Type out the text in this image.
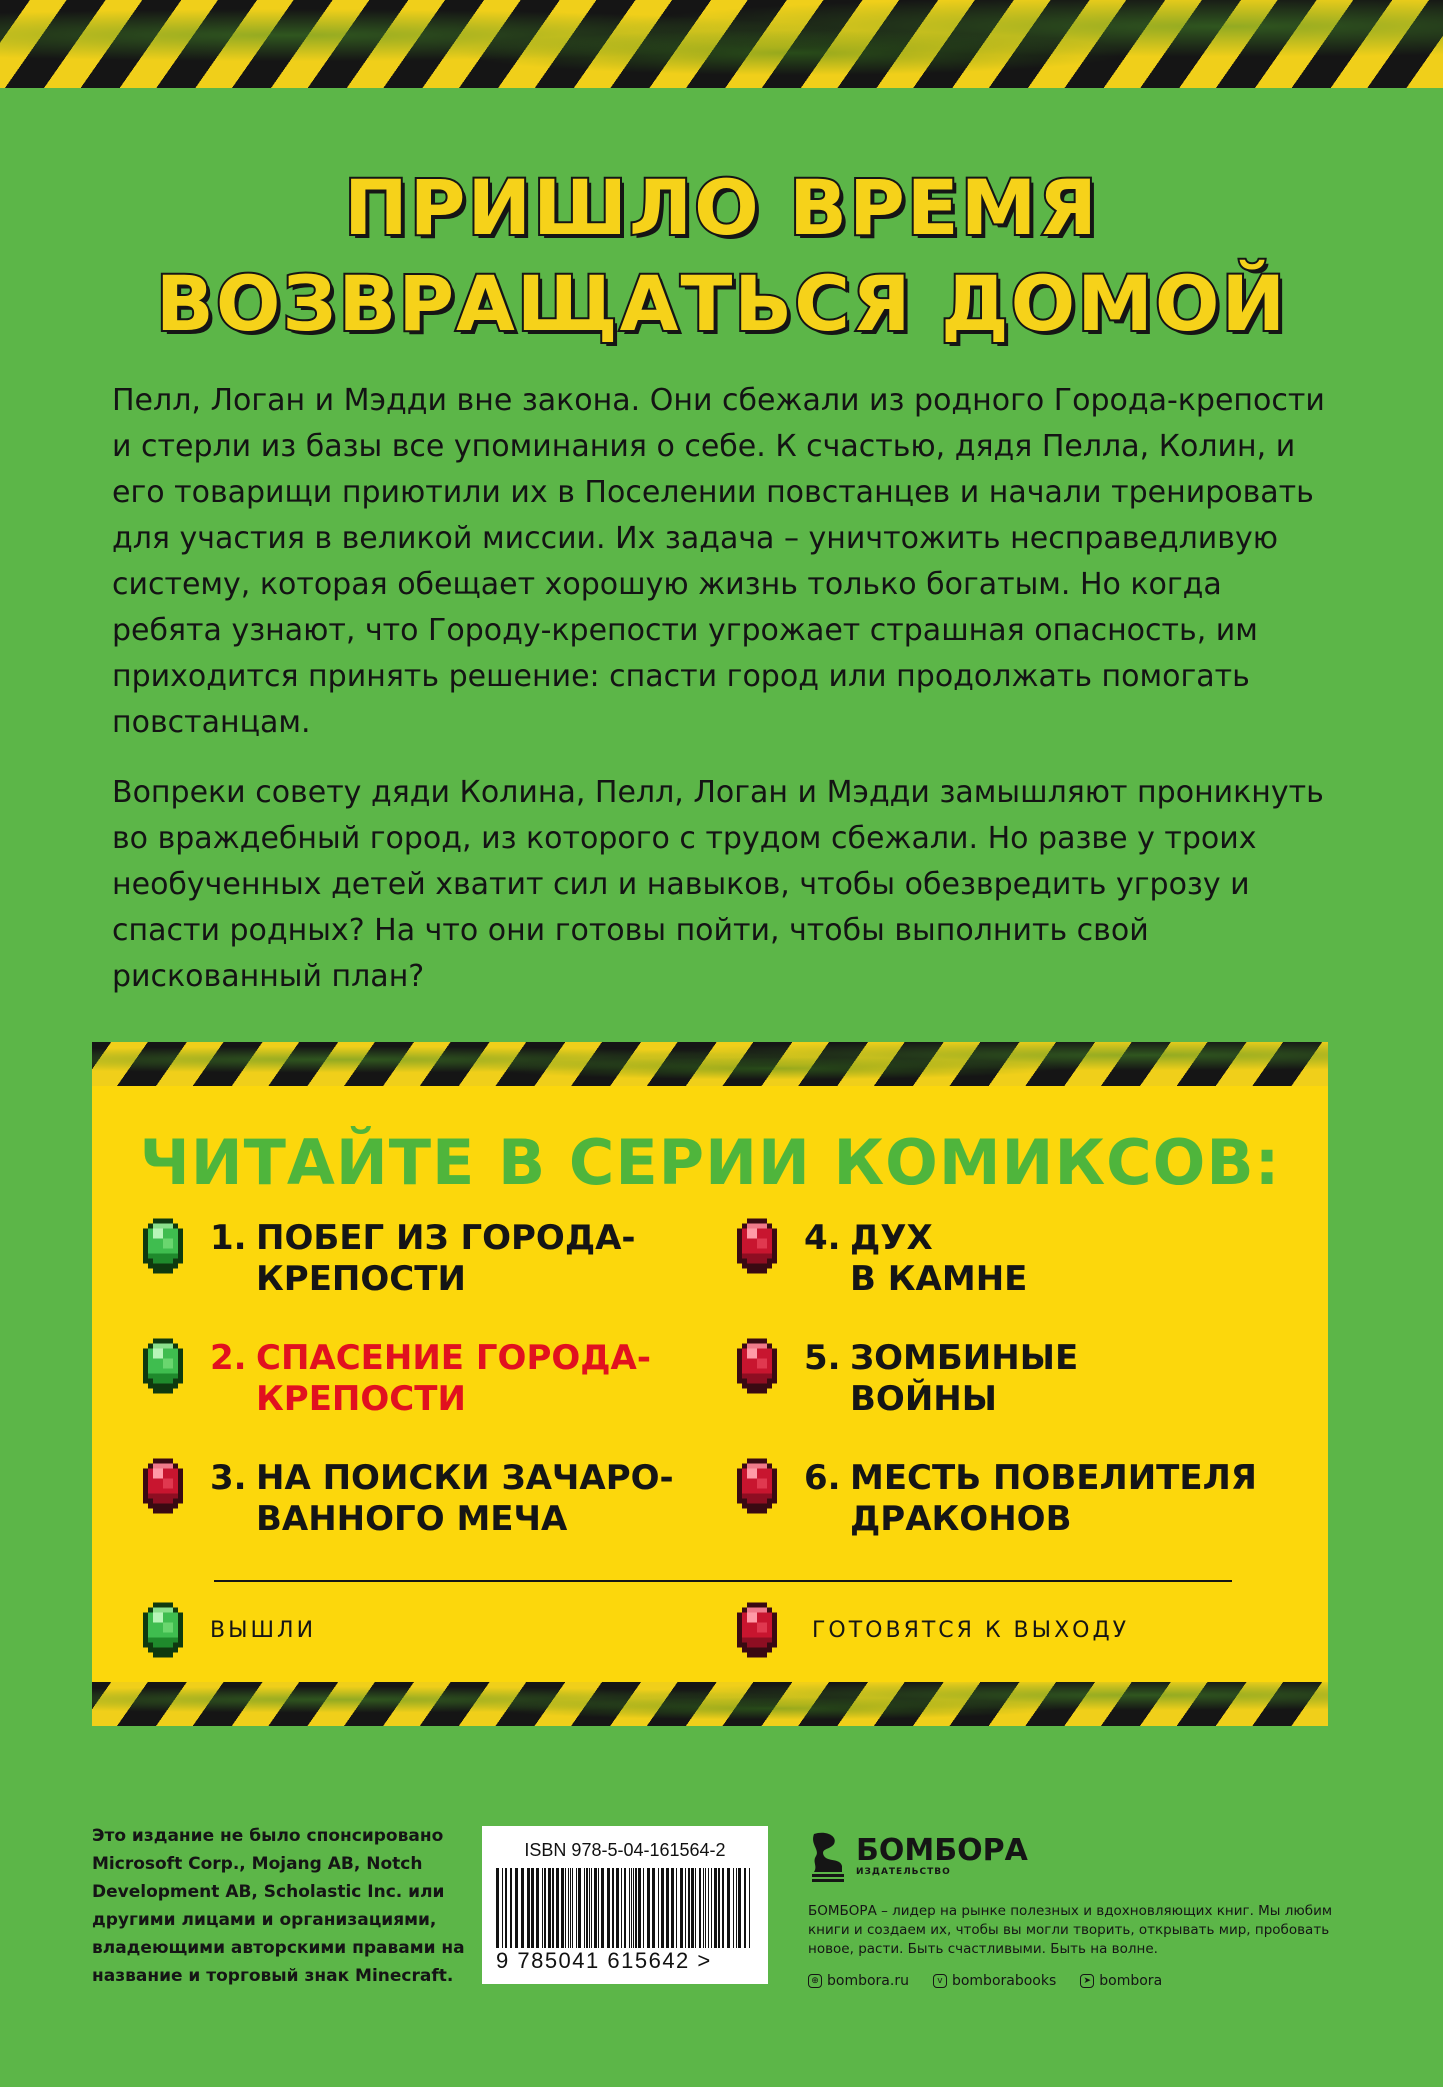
ПРИШЛО ВРЕМЯ
ВОЗВРАЩАТЬСЯ ДОМОЙ

Пелл, Логан и Мэдди вне закона. Они сбежали из родного Города-крепости и стерли из базы все упоминания о себе. К счастью, дядя Пелла, Колин, и его товарищи приютили их в Поселении повстанцев и начали тренировать для участия в великой миссии. Их задача – уничтожить несправедливую систему, которая обещает хорошую жизнь только богатым. Но когда ребята узнают, что Городу-крепости угрожает страшная опасность, им приходится принять решение: спасти город или продолжать помогать повстанцам.

Вопреки совету дяди Колина, Пелл, Логан и Мэдди замышляют проникнуть во враждебный город, из которого с трудом сбежали. Но разве у троих необученных детей хватит сил и навыков, чтобы обезвредить угрозу и спасти родных? На что они готовы пойти, чтобы выполнить свой рискованный план?

ЧИТАЙТЕ В СЕРИИ КОМИКСОВ:
1. ПОБЕГ ИЗ ГОРОДА-
КРЕПОСТИ
2. СПАСЕНИЕ ГОРОДА-
КРЕПОСТИ
3. НА ПОИСКИ ЗАЧАРО-
ВАННОГО МЕЧА
4. ДУХ
В КАМНЕ
5. ЗОМБИНЫЕ
ВОЙНЫ
6. МЕСТЬ ПОВЕЛИТЕЛЯ
ДРАКОНОВ
ВЫШЛИ	ГОТОВЯТСЯ К ВЫХОДУ

Это издание не было спонсировано Microsoft Corp., Mojang AB, Notch Development AB, Scholastic Inc. или другими лицами и организациями, владеющими авторскими правами на название и торговый знак Minecraft.

ISBN 978-5-04-161564-2
9 785041 615642 >
БОМБОРА
ИЗДАТЕЛЬСТВО

БОМБОРА – лидер на рынке полезных и вдохновляющих книг. Мы любим книги и создаем их, чтобы вы могли творить, открывать мир, пробовать новое, расти. Быть счастливыми. Быть на волне.

⊕ bombora.ru	v bomborabooks	➤ bombora
